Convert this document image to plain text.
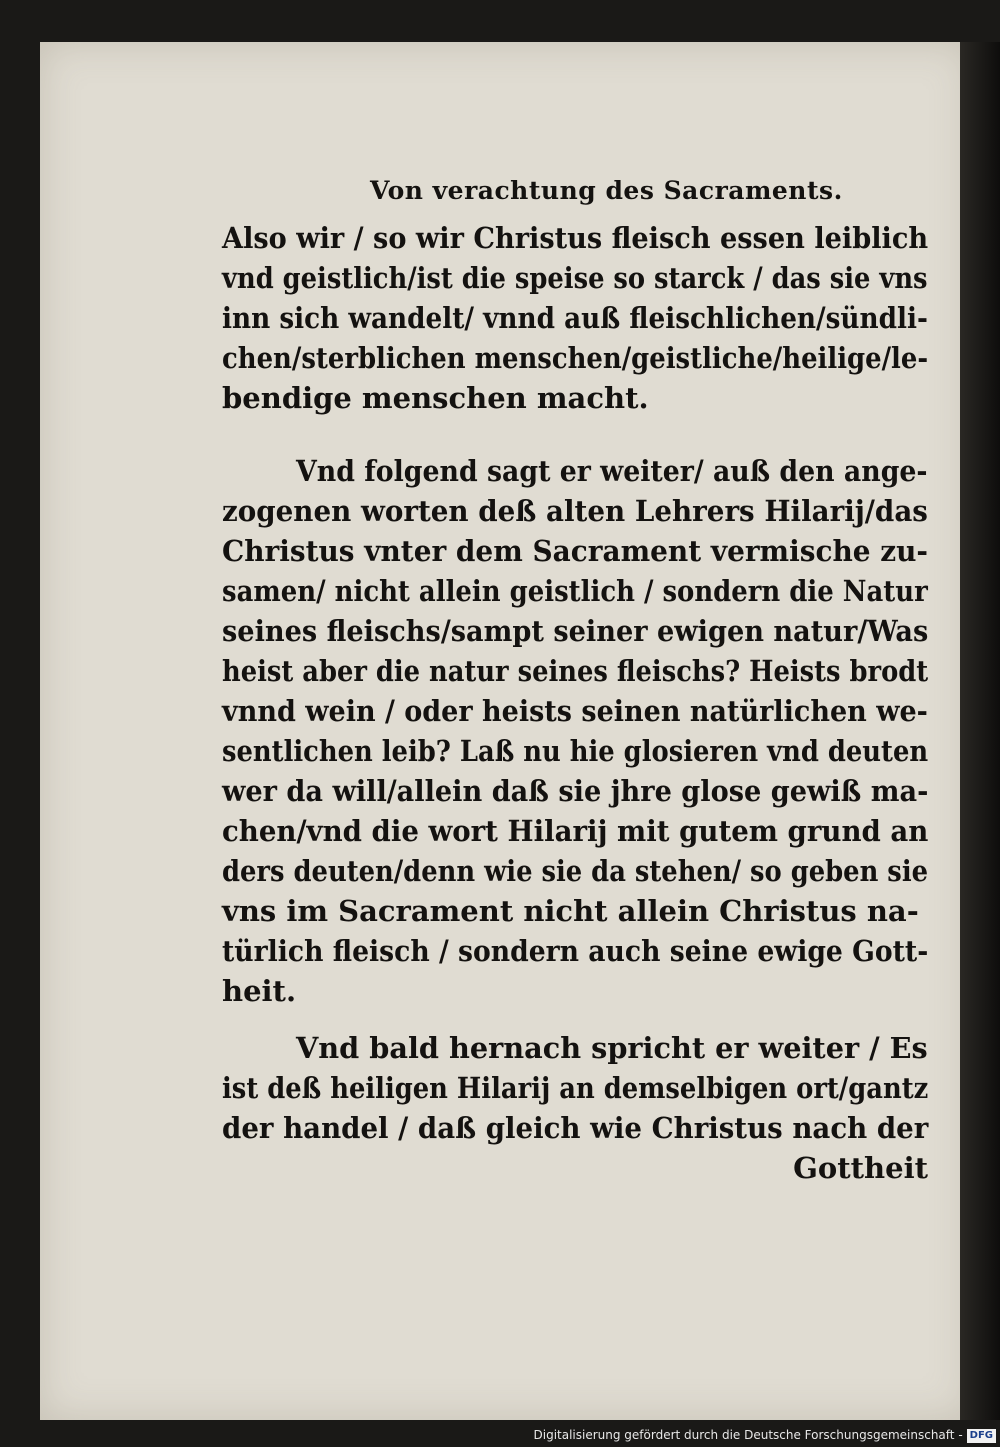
Von verachtung des Sacraments.
Also wir / so wir Christus fleisch essen leiblich
vnd geistlich/ist die speise so starck / das sie vns
inn sich wandelt/ vnnd auß fleischlichen/sündli-
chen/sterblichen menschen/geistliche/heilige/le-
bendige menschen macht.
Vnd folgend sagt er weiter/ auß den ange-
zogenen worten deß alten Lehrers Hilarij/das
Christus vnter dem Sacrament vermische zu-
samen/ nicht allein geistlich / sondern die Natur
seines fleischs/sampt seiner ewigen natur/Was
heist aber die natur seines fleischs? Heists brodt
vnnd wein / oder heists seinen natürlichen we-
sentlichen leib? Laß nu hie glosieren vnd deuten
wer da will/allein daß sie jhre glose gewiß ma-
chen/vnd die wort Hilarij mit gutem grund an
ders deuten/denn wie sie da stehen/ so geben sie
vns im Sacrament nicht allein Christus na-
türlich fleisch / sondern auch seine ewige Gott-
heit.
Vnd bald hernach spricht er weiter / Es
ist deß heiligen Hilarij an demselbigen ort/gantz
der handel / daß gleich wie Christus nach der
Gottheit
Digitalisierung gefördert durch die Deutsche Forschungsgemeinschaft - DFG
